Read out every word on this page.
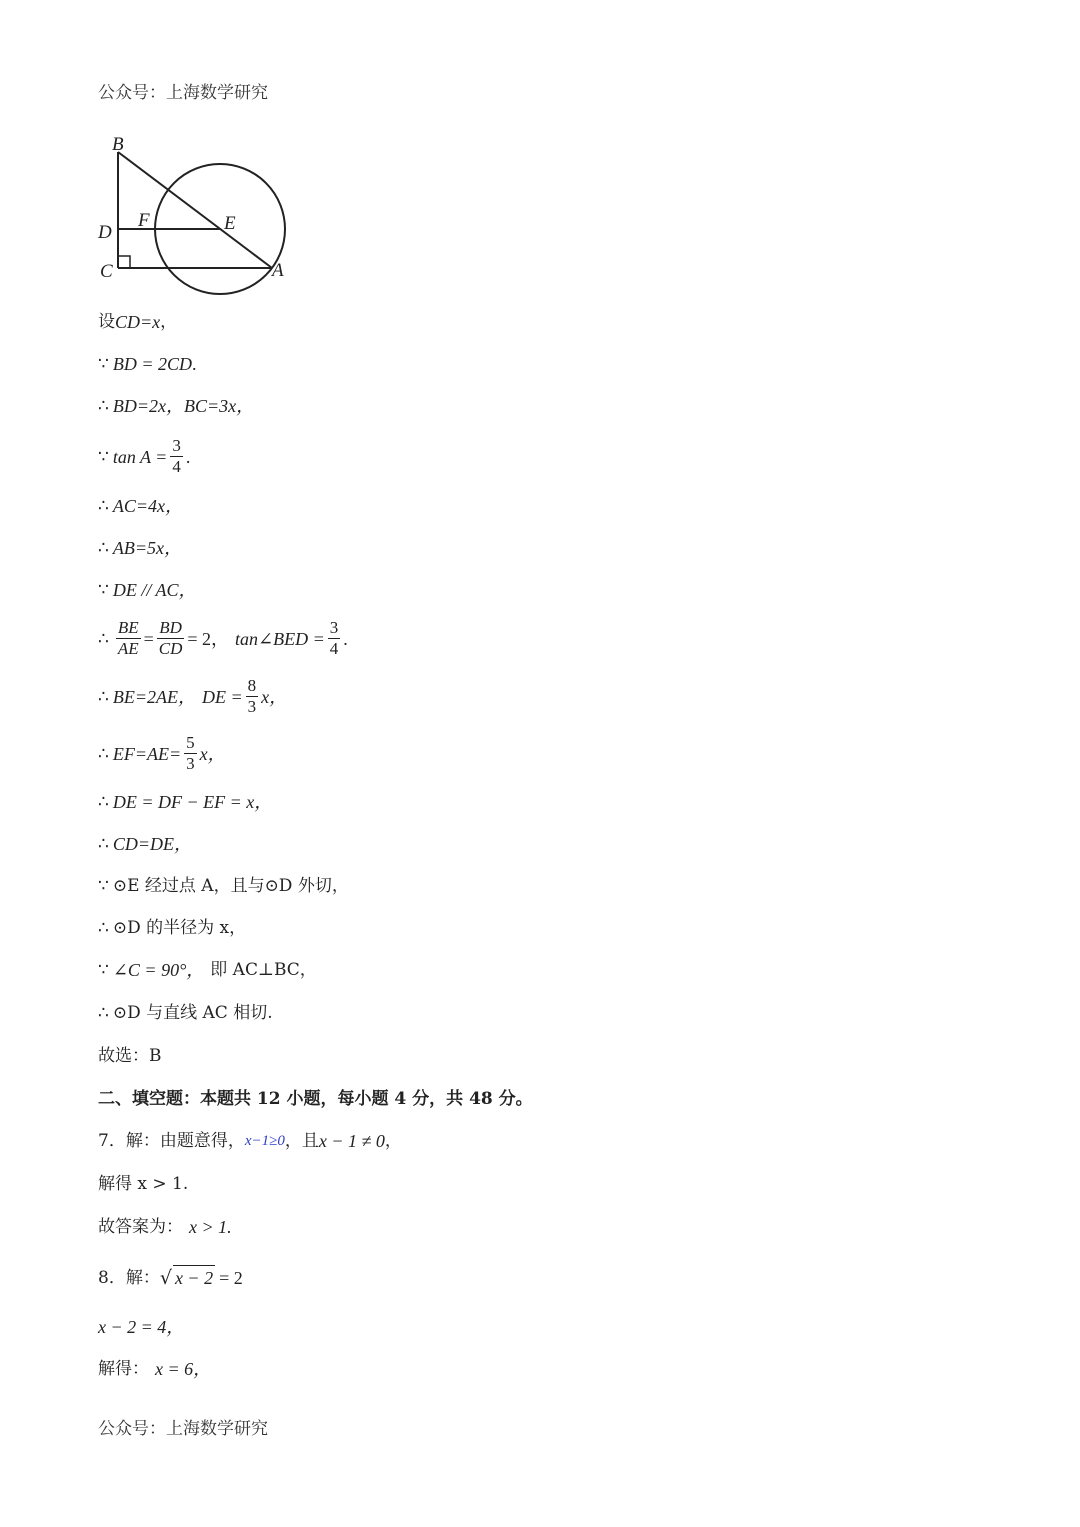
公众号：上海数学研究
B
D
C
F	E
A
设 CD=x ，
∵ BD = 2CD .
∴ BD=2x，BC=3x，
∵ $\tan A = \frac{3}{4}$ .
∴ AC=4x，
∴ AB=5x，
∵ DE // AC，
∴ $\frac{BE}{AE} = \frac{BD}{CD} = 2$， tan∠BED = $\frac{3}{4}$ .
∴ BE=2AE， DE = $\frac{8}{3}$ x，
∴ $EF=AE= \frac{5}{3}$ x，
∴ DE = DF − EF = x，
∴ CD=DE，
∵ ⊙E 经过点 A，且与⊙D 外切，
∴ ⊙D 的半径为 x，
∵ ∠C = 90°， 即 AC⊥BC，
∴ ⊙D 与直线 AC 相切.
故选：B
二、填空题：本题共 12 小题，每小题 4 分，共 48 分。
7．解：由题意得， x−1≥0 ，且 x − 1 ≠ 0 ，
解得 x > 1.
故答案为： x > 1.
8．解： √ x − 2 = 2
x − 2 = 4，
解得： x = 6，
公众号：上海数学研究
